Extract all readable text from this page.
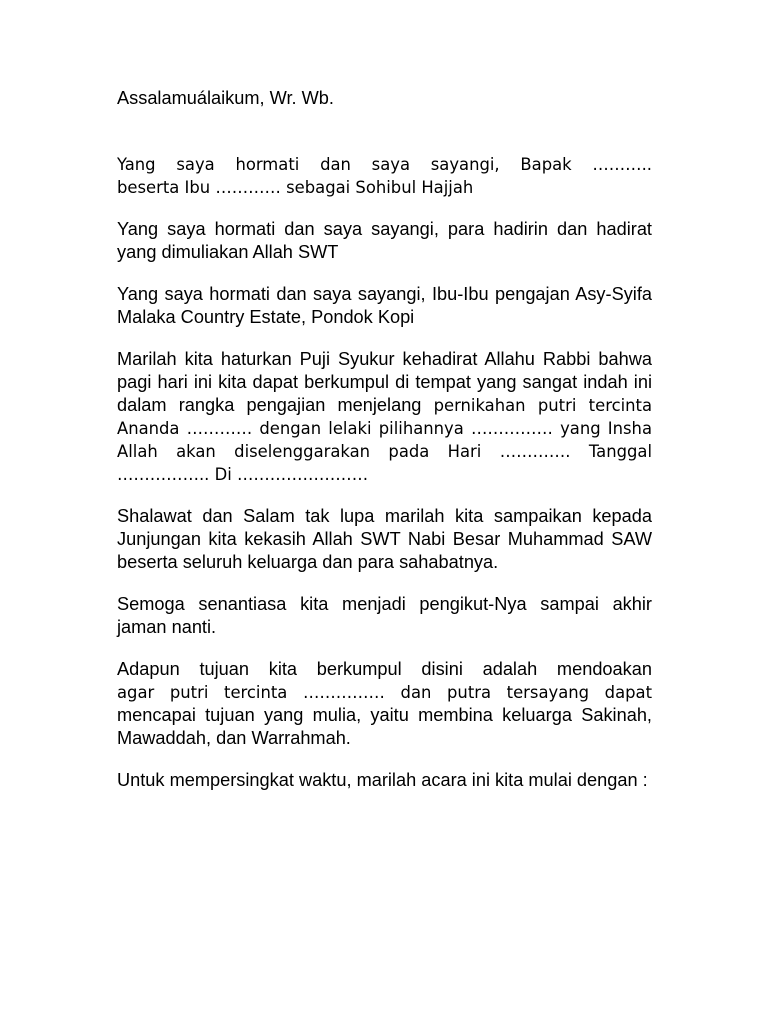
Assalamuálaikum, Wr. Wb.

Yang saya hormati dan saya sayangi, Bapak ………..
beserta Ibu ………… sebagai Sohibul Hajjah

Yang saya hormati dan saya sayangi, para hadirin dan hadirat yang dimuliakan Allah SWT

Yang saya hormati dan saya sayangi, Ibu-Ibu pengajan Asy-Syifa Malaka Country Estate, Pondok Kopi

Marilah kita haturkan Puji Syukur kehadirat Allahu Rabbi bahwa pagi hari ini kita dapat berkumpul di tempat yang sangat indah ini dalam rangka pengajian menjelang pernikahan putri tercinta Ananda ………… dengan lelaki pilihannya …………… yang Insha Allah akan diselenggarakan pada Hari …………. Tanggal …………….. Di ……………………

Shalawat dan Salam tak lupa marilah kita sampaikan kepada Junjungan kita kekasih Allah SWT Nabi Besar Muhammad SAW beserta seluruh keluarga dan para sahabatnya.

Semoga senantiasa kita menjadi pengikut-Nya sampai akhir jaman nanti.

Adapun tujuan kita berkumpul disini adalah mendoakan
agar putri tercinta …………… dan putra tersayang dapat
mencapai tujuan yang mulia, yaitu membina keluarga Sakinah, Mawaddah, dan Warrahmah.

Untuk mempersingkat waktu, marilah acara ini kita mulai dengan :
